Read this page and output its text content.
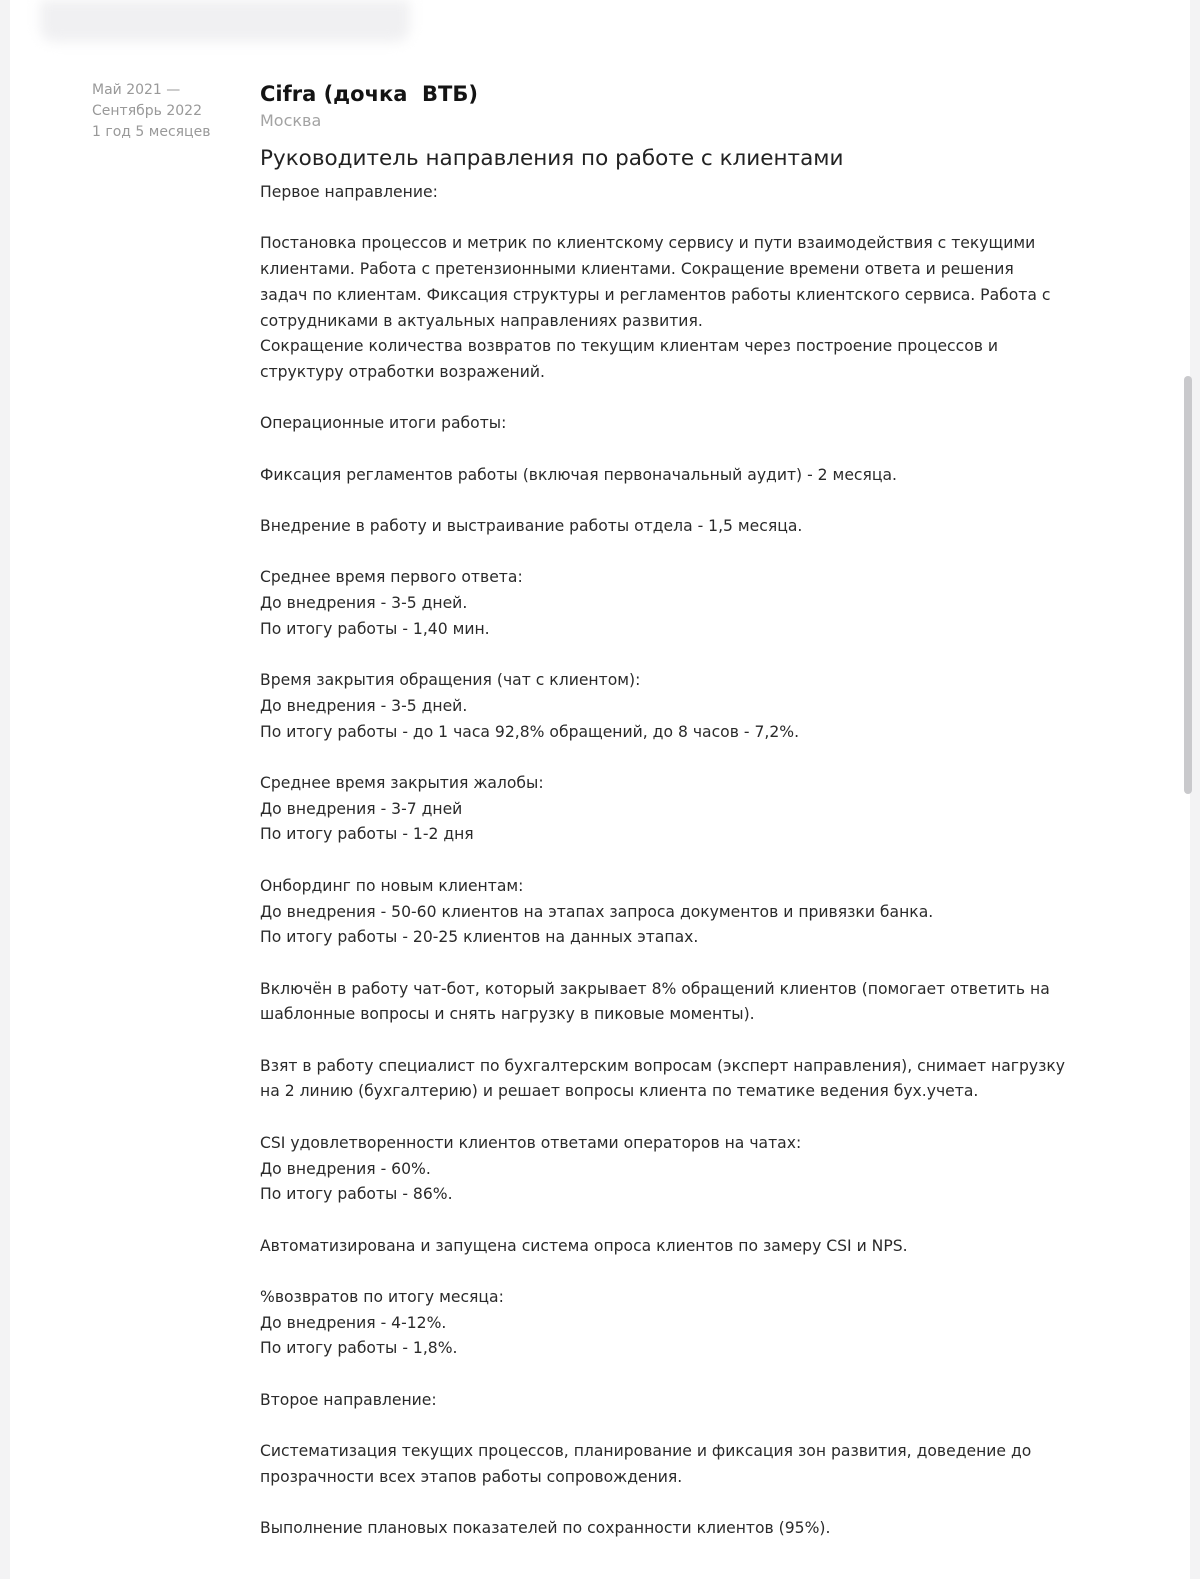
Май 2021 —
Сентябрь 2022
1 год 5 месяцев
Cifra (дочка  ВТБ)
Москва
Руководитель направления по работе с клиентами
Первое направление:
Постановка процессов и метрик по клиентскому сервису и пути взаимодействия с текущими
клиентами. Работа с претензионными клиентами. Сокращение времени ответа и решения
задач по клиентам. Фиксация структуры и регламентов работы клиентского сервиса. Работа с
сотрудниками в актуальных направлениях развития.
Сокращение количества возвратов по текущим клиентам через построение процессов и
структуру отработки возражений.
Операционные итоги работы:
Фиксация регламентов работы (включая первоначальный аудит) - 2 месяца.
Внедрение в работу и выстраивание работы отдела - 1,5 месяца.
Среднее время первого ответа:
До внедрения - 3-5 дней.
По итогу работы - 1,40 мин.
Время закрытия обращения (чат с клиентом):
До внедрения - 3-5 дней.
По итогу работы - до 1 часа 92,8% обращений, до 8 часов - 7,2%.
Среднее время закрытия жалобы:
До внедрения - 3-7 дней
По итогу работы - 1-2 дня
Онбординг по новым клиентам:
До внедрения - 50-60 клиентов на этапах запроса документов и привязки банка.
По итогу работы - 20-25 клиентов на данных этапах.
Включён в работу чат-бот, который закрывает 8% обращений клиентов (помогает ответить на
шаблонные вопросы и снять нагрузку в пиковые моменты).
Взят в работу специалист по бухгалтерским вопросам (эксперт направления), снимает нагрузку
на 2 линию (бухгалтерию) и решает вопросы клиента по тематике ведения бух.учета.
CSI удовлетворенности клиентов ответами операторов на чатах:
До внедрения - 60%.
По итогу работы - 86%.
Автоматизирована и запущена система опроса клиентов по замеру CSI и NPS.
%возвратов по итогу месяца:
До внедрения - 4-12%.
По итогу работы - 1,8%.
Второе направление:
Систематизация текущих процессов, планирование и фиксация зон развития, доведение до
прозрачности всех этапов работы сопровождения.
Выполнение плановых показателей по сохранности клиентов (95%).
